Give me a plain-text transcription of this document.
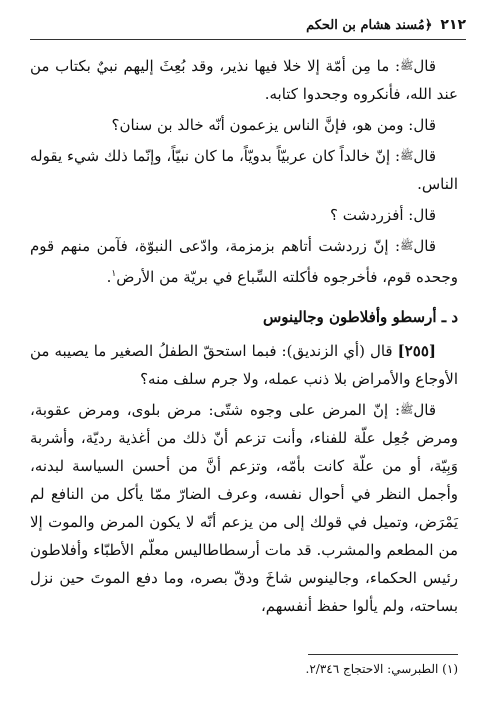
٢١٢
﴿مُسند هشام بن الحكم

قالﷺ: ما مِن أمّة إلا خلا فيها نذير، وقد بُعِثَ إليهم نبيٌ بكتاب من عند الله، فأنكروه وجحدوا كتابه.

قال: ومن هو، فإنَّ الناس يزعمون أنّه خالد بن سنان؟

قالﷺ: إنّ خالداً كان عربيّاً بدويّاً، ما كان نبيّاً، وإنّما ذلك شيء يقوله الناس.

قال: أفزردشت ؟

قالﷺ: إنّ زردشت أتاهم بزمزمة، وادّعى النبوّة، فآمن منهم قوم وجحده قوم، فأخرجوه فأكلته السِّباع في بريّة من الأرض$^١$.

د ـ أرسطو وأفلاطون وجالينوس

[٢٥٥] قال (أي الزنديق): فبما استحقّ الطفلُ الصغير ما يصيبه من الأوجاع والأمراض بلا ذنب عمله، ولا جرم سلف منه؟

قالﷺ: إنّ المرض على وجوه شتّى: مرض بلوى، ومرض عقوبة، ومرض جُعِل علّة للفناء، وأنت تزعم أنّ ذلك من أغذية رديّة، وأشربة وَبِيّة، أو من علّة كانت بأمّه، وتزعم أنَّ من أحسن السياسة لبدنه، وأجمل النظر في أحوال نفسه، وعرف الضارّ ممّا يأكل من النافع لم يَمْرَض، وتميل في قولك إلى من يزعم أنّه لا يكون المرض والموت إلا من المطعم والمشرب. قد مات أرسطاطاليس معلّم الأطبّاء وأفلاطون رئيس الحكماء، وجالينوس شاخَ ودقّ بصره، وما دفع الموتَ حين نزل بساحته، ولم يألوا حفظ أنفسهم،

(١) الطبرسي: الاحتجاج ٢/٣٤٦.
